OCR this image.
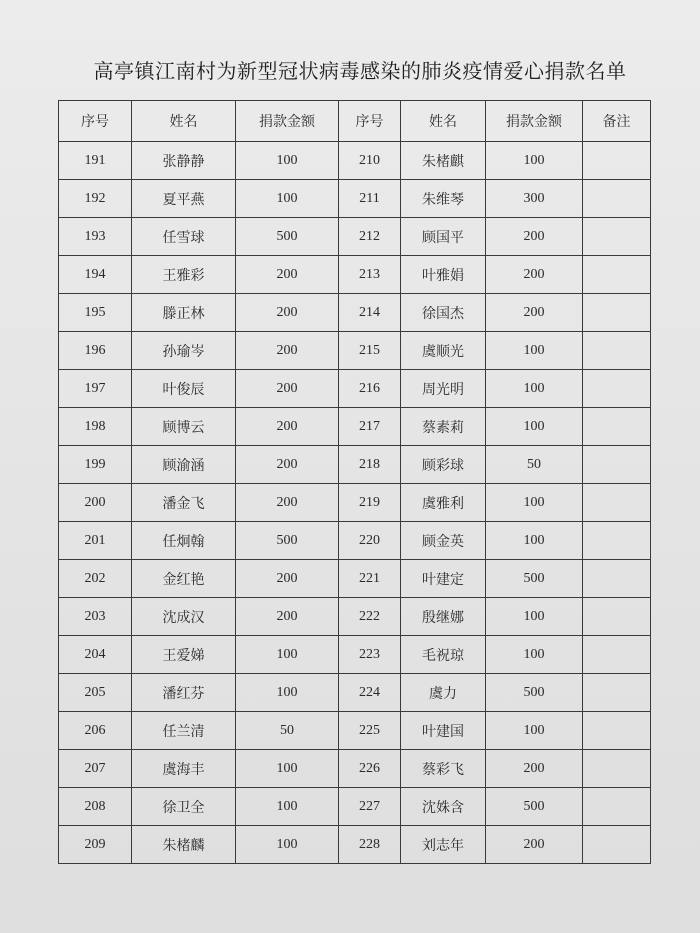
高亭镇江南村为新型冠状病毒感染的肺炎疫情爱心捐款名单
序号	姓名	捐款金额	序号	姓名	捐款金额	备注
191	张静静	100	210	朱楮麒	100	
192	夏平燕	100	211	朱维琴	300	
193	任雪球	500	212	顾国平	200	
194	王雅彩	200	213	叶雅娟	200	
195	滕正林	200	214	徐国杰	200	
196	孙瑜岑	200	215	虞顺光	100	
197	叶俊辰	200	216	周光明	100	
198	顾博云	200	217	蔡素莉	100	
199	顾渝涵	200	218	顾彩球	50	
200	潘金飞	200	219	虞雅利	100	
201	任炯翰	500	220	顾金英	100	
202	金红艳	200	221	叶建定	500	
203	沈成汉	200	222	殷继娜	100	
204	王爱娣	100	223	毛祝琼	100	
205	潘红芬	100	224	虞力	500	
206	任兰清	50	225	叶建国	100	
207	虞海丰	100	226	蔡彩飞	200	
208	徐卫全	100	227	沈姝含	500	
209	朱楮麟	100	228	刘志年	200	
